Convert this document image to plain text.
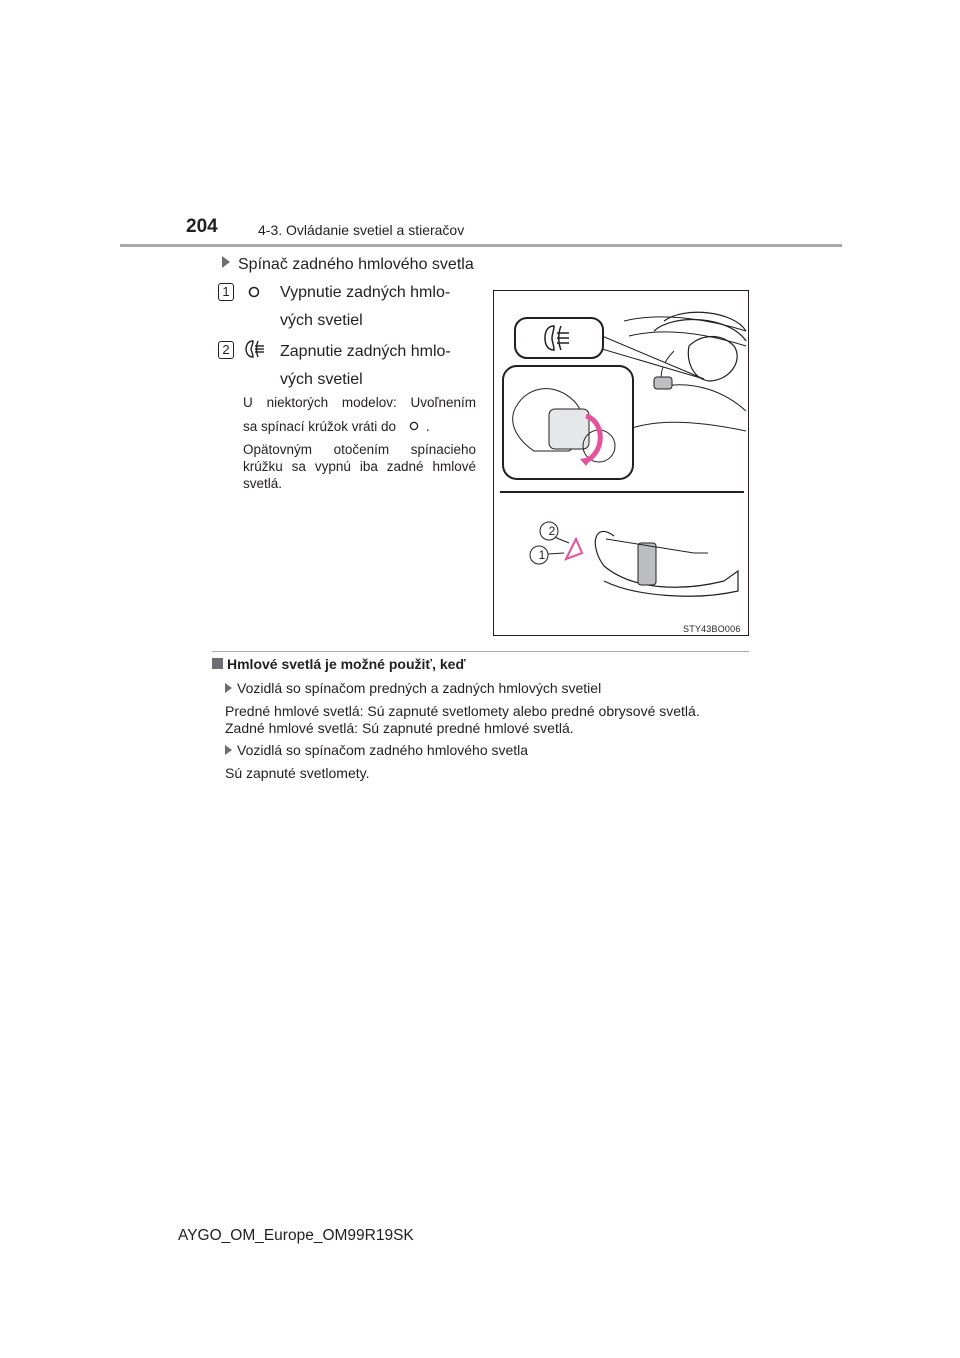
204	4-3. Ovládanie svetiel a stieračov
Spínač zadného hmlového svetla
1	Vypnutie zadných hmlo-
vých svetiel
2	Zapnutie zadných hmlo-
vých svetiel
U niektorých modelov: Uvoľnením
sa spínací krúžok vráti do .
Opätovným otočením spínacieho krúžku sa vypnú iba zadné hmlové svetlá.
2
1
STY43BO006
Hmlové svetlá je možné použiť, keď
Vozidlá so spínačom predných a zadných hmlových svetiel
Predné hmlové svetlá: Sú zapnuté svetlomety alebo predné obrysové svetlá.
Zadné hmlové svetlá: Sú zapnuté predné hmlové svetlá.
Vozidlá so spínačom zadného hmlového svetla
Sú zapnuté svetlomety.
AYGO_OM_Europe_OM99R19SK
